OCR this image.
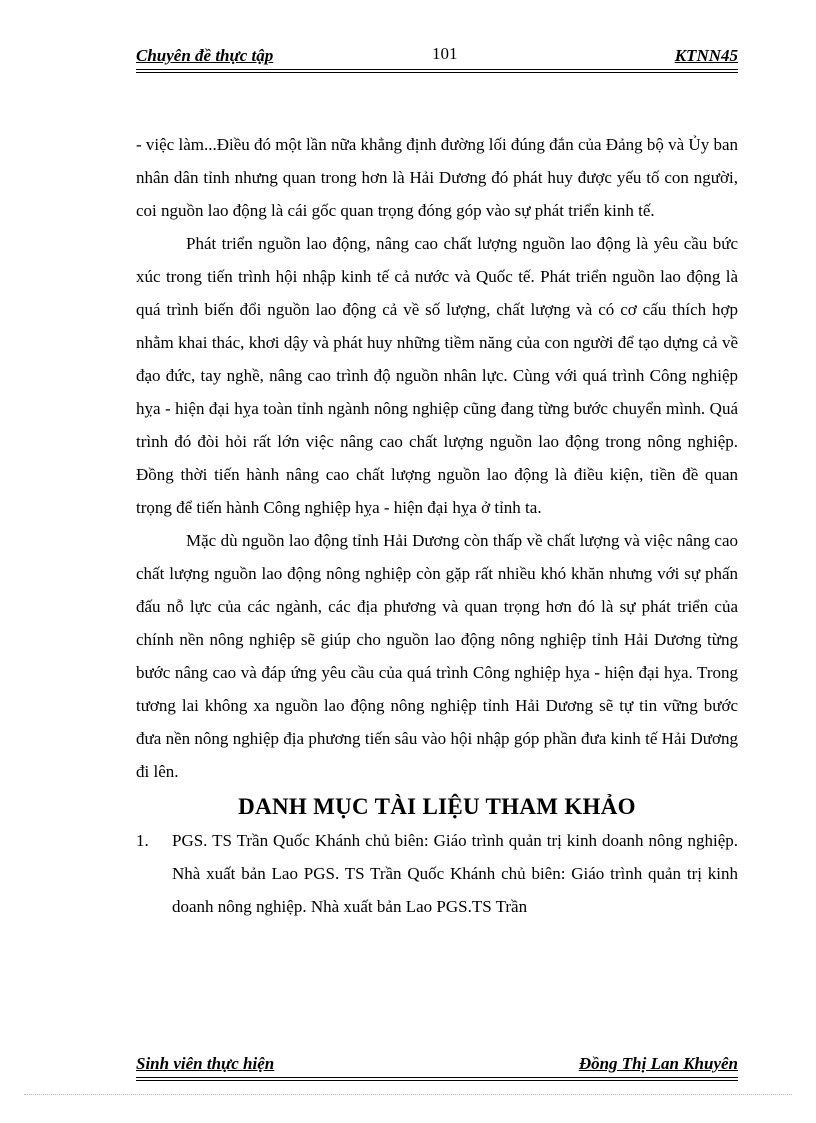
Chuyên đề thực tập	101	KTNN45

- việc làm...Điều đó một lần nữa khẳng định đường lối đúng đắn của Đảng bộ và Ủy ban nhân dân tỉnh nhưng quan trong hơn là Hải Dương đó phát huy được yếu tố con người, coi nguồn lao động là cái gốc quan trọng đóng góp vào sự phát triển kinh tế.

Phát triển nguồn lao động, nâng cao chất lượng nguồn lao động là yêu cầu bức xúc trong tiến trình hội nhập kinh tế cả nước và Quốc tế. Phát triển nguồn lao động là quá trình biến đổi nguồn lao động cả về số lượng, chất lượng và có cơ cấu thích hợp nhằm khai thác, khơi dậy và phát huy những tiềm năng của con người để tạo dựng cả về đạo đức, tay nghề, nâng cao trình độ nguồn nhân lực. Cùng với quá trình Công nghiệp hỵa - hiện đại hỵa toàn tỉnh ngành nông nghiệp cũng đang từng bước chuyển mình. Quá trình đó đòi hỏi rất lớn việc nâng cao chất lượng nguồn lao động trong nông nghiệp. Đồng thời tiến hành nâng cao chất lượng nguồn lao động là điều kiện, tiền đề quan trọng để tiến hành Công nghiệp hỵa - hiện đại hỵa ở tỉnh ta.

Mặc dù nguồn lao động tỉnh Hải Dương còn thấp về chất lượng và việc nâng cao chất lượng nguồn lao động nông nghiệp còn gặp rất nhiều khó khăn nhưng với sự phấn đấu nỗ lực của các ngành, các địa phương và quan trọng hơn đó là sự phát triển của chính nền nông nghiệp sẽ giúp cho nguồn lao động nông nghiệp tỉnh Hải Dương từng bước nâng cao và đáp ứng yêu cầu của quá trình Công nghiệp hỵa - hiện đại hỵa. Trong tương lai không xa nguồn lao động nông nghiệp tỉnh Hải Dương sẽ tự tin vững bước đưa nền nông nghiệp địa phương tiến sâu vào hội nhập góp phần đưa kinh tế Hải Dương đi lên.

DANH MỤC TÀI LIỆU THAM KHẢO
1. PGS. TS Trần Quốc Khánh chủ biên: Giáo trình quản trị kinh doanh nông nghiệp. Nhà xuất bản Lao PGS. TS Trần Quốc Khánh chủ biên: Giáo trình quản trị kinh doanh nông nghiệp. Nhà xuất bản Lao PGS.TS Trần
Sinh viên thực hiện	Đồng Thị Lan Khuyên
